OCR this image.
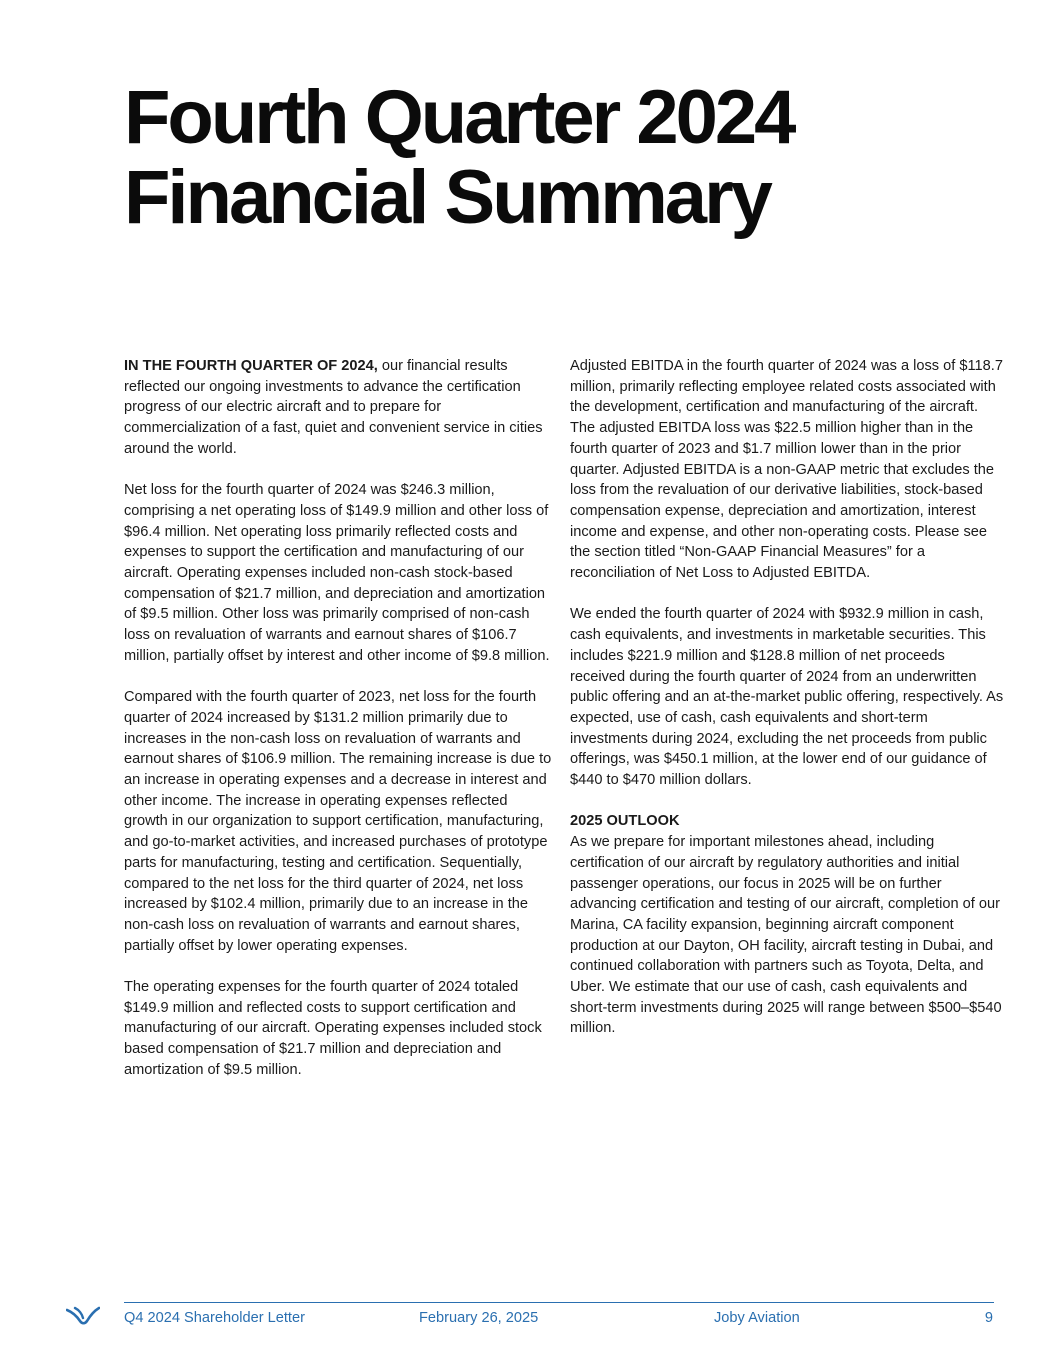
Fourth Quarter 2024
Financial Summary

IN THE FOURTH QUARTER OF 2024, our financial results reflected our ongoing investments to advance the certification progress of our electric aircraft and to prepare for commercialization of a fast, quiet and convenient service in cities around the world.

Net loss for the fourth quarter of 2024 was $246.3 million, comprising a net operating loss of $149.9 million and other loss of $96.4 million. Net operating loss primarily reflected costs and expenses to support the certification and manufacturing of our aircraft. Operating expenses included non-cash stock-based compensation of $21.7 million, and depreciation and amortization of $9.5 million. Other loss was primarily comprised of non-cash loss on revaluation of warrants and earnout shares of $106.7 million, partially offset by interest and other income of $9.8 million.

Compared with the fourth quarter of 2023, net loss for the fourth quarter of 2024 increased by $131.2 million primarily due to increases in the non-cash loss on revaluation of warrants and earnout shares of $106.9 million. The remaining increase is due to an increase in operating expenses and a decrease in interest and other income. The increase in operating expenses reflected growth in our organization to support certification, manufacturing, and go-to-market activities, and increased purchases of prototype parts for manufacturing, testing and certification. Sequentially, compared to the net loss for the third quarter of 2024, net loss increased by $102.4 million, primarily due to an increase in the non-cash loss on revaluation of warrants and earnout shares, partially offset by lower operating expenses.

The operating expenses for the fourth quarter of 2024 totaled $149.9 million and reflected costs to support certification and manufacturing of our aircraft. Operating expenses included stock based compensation of $21.7 million and depreciation and amortization of $9.5 million.

Adjusted EBITDA in the fourth quarter of 2024 was a loss of $118.7 million, primarily reflecting employee related costs associated with the development, certification and manufacturing of the aircraft. The adjusted EBITDA loss was $22.5 million higher than in the fourth quarter of 2023 and $1.7 million lower than in the prior quarter. Adjusted EBITDA is a non-GAAP metric that excludes the loss from the revaluation of our derivative liabilities, stock-based compensation expense, depreciation and amortization, interest income and expense, and other non-operating costs. Please see the section titled “Non-GAAP Financial Measures” for a reconciliation of Net Loss to Adjusted EBITDA.

We ended the fourth quarter of 2024 with $932.9 million in cash, cash equivalents, and investments in marketable securities. This includes $221.9 million and $128.8 million of net proceeds received during the fourth quarter of 2024 from an underwritten public offering and an at-the-market public offering, respectively. As expected, use of cash, cash equivalents and short-term investments during 2024, excluding the net proceeds from public offerings, was $450.1 million, at the lower end of our guidance of $440 to $470 million dollars.

2025 OUTLOOK
As we prepare for important milestones ahead, including certification of our aircraft by regulatory authorities and initial passenger operations, our focus in 2025 will be on further advancing certification and testing of our aircraft, completion of our Marina, CA facility expansion, beginning aircraft component production at our Dayton, OH facility, aircraft testing in Dubai, and continued collaboration with partners such as Toyota, Delta, and Uber. We estimate that our use of cash, cash equivalents and short-term investments during 2025 will range between $500–$540 million.

Q4 2024 Shareholder Letter	February 26, 2025	Joby Aviation	9
